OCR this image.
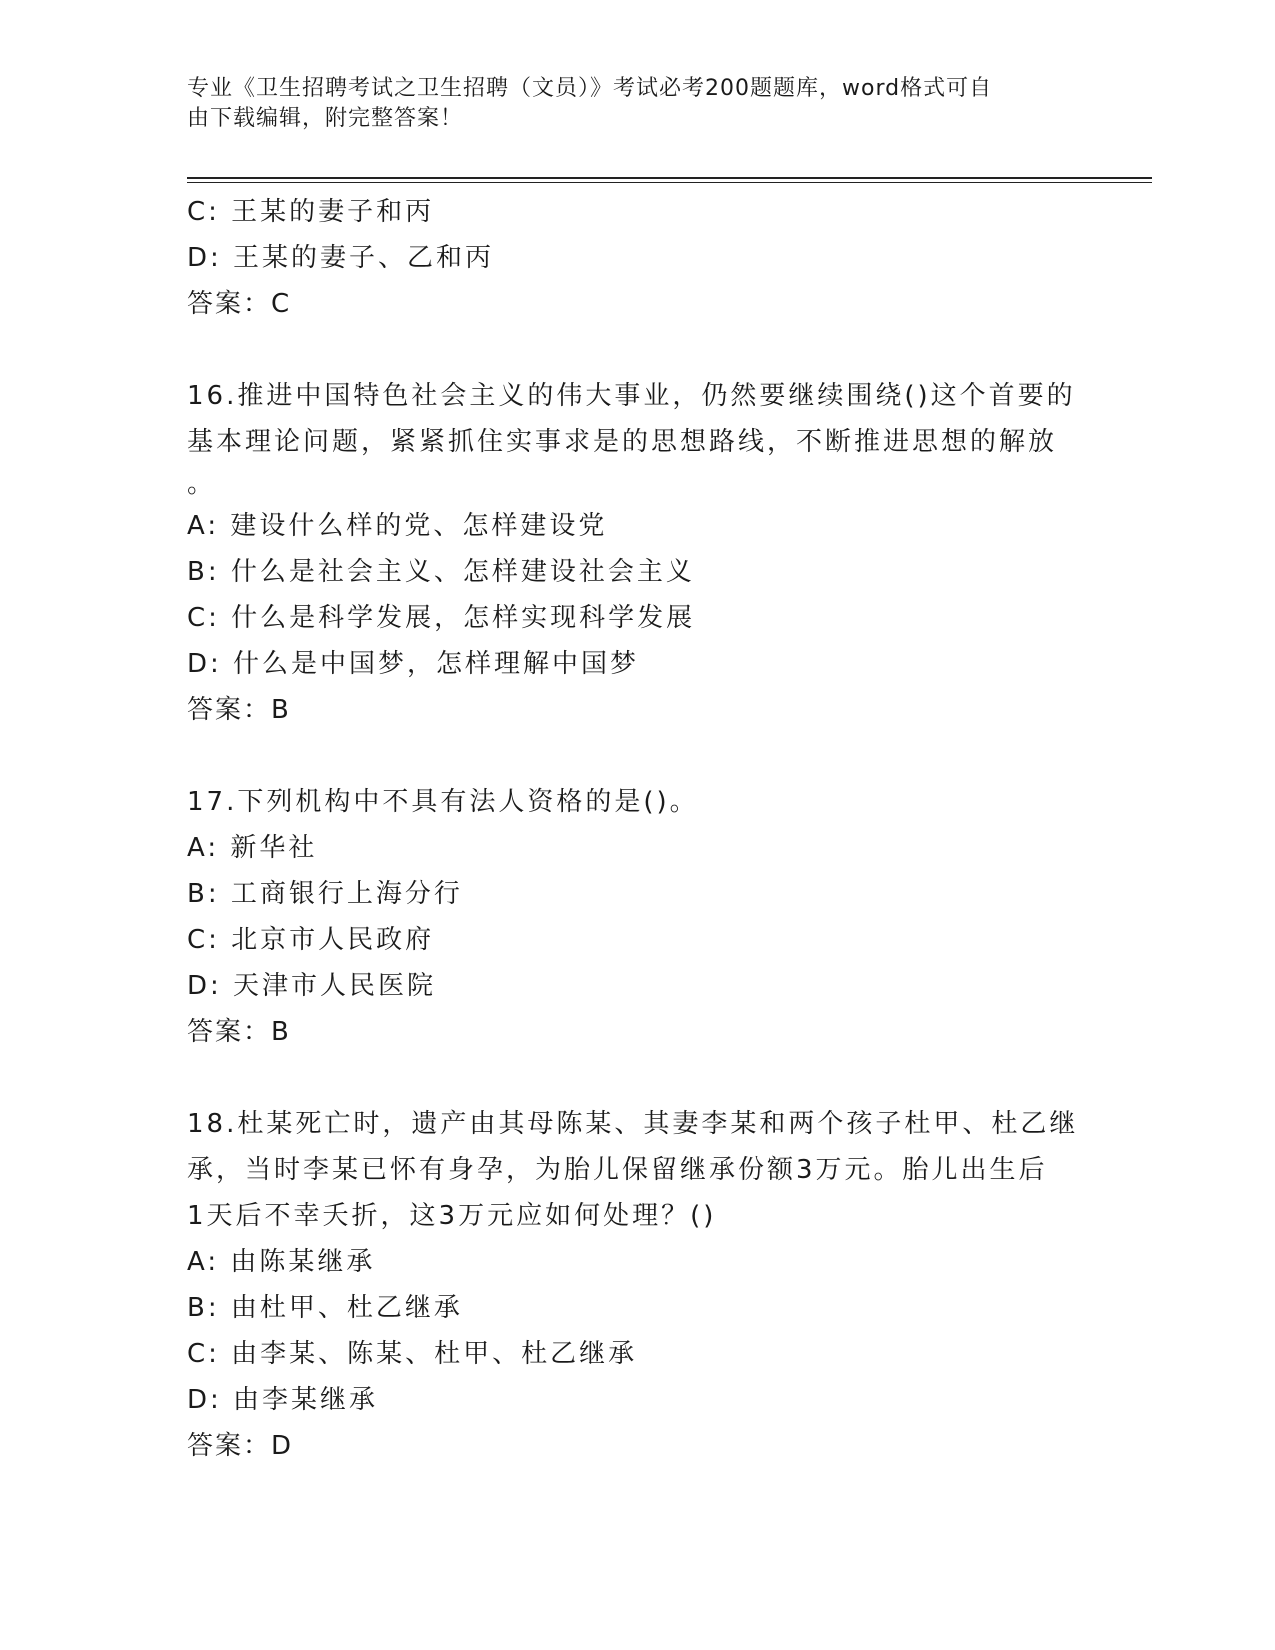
专业《卫生招聘考试之卫生招聘（文员）》考试必考200题题库，word格式可自
由下载编辑，附完整答案！
C: 王某的妻子和丙
D: 王某的妻子、乙和丙
答案：C
16.推进中国特色社会主义的伟大事业，仍然要继续围绕()这个首要的
基本理论问题，紧紧抓住实事求是的思想路线，不断推进思想的解放
。
A: 建设什么样的党、怎样建设党
B: 什么是社会主义、怎样建设社会主义
C: 什么是科学发展，怎样实现科学发展
D: 什么是中国梦，怎样理解中国梦
答案：B
17.下列机构中不具有法人资格的是()。
A: 新华社
B: 工商银行上海分行
C: 北京市人民政府
D: 天津市人民医院
答案：B
18.杜某死亡时，遗产由其母陈某、其妻李某和两个孩子杜甲、杜乙继
承，当时李某已怀有身孕，为胎儿保留继承份额3万元。胎儿出生后
1天后不幸夭折，这3万元应如何处理？()
A: 由陈某继承
B: 由杜甲、杜乙继承
C: 由李某、陈某、杜甲、杜乙继承
D: 由李某继承
答案：D
